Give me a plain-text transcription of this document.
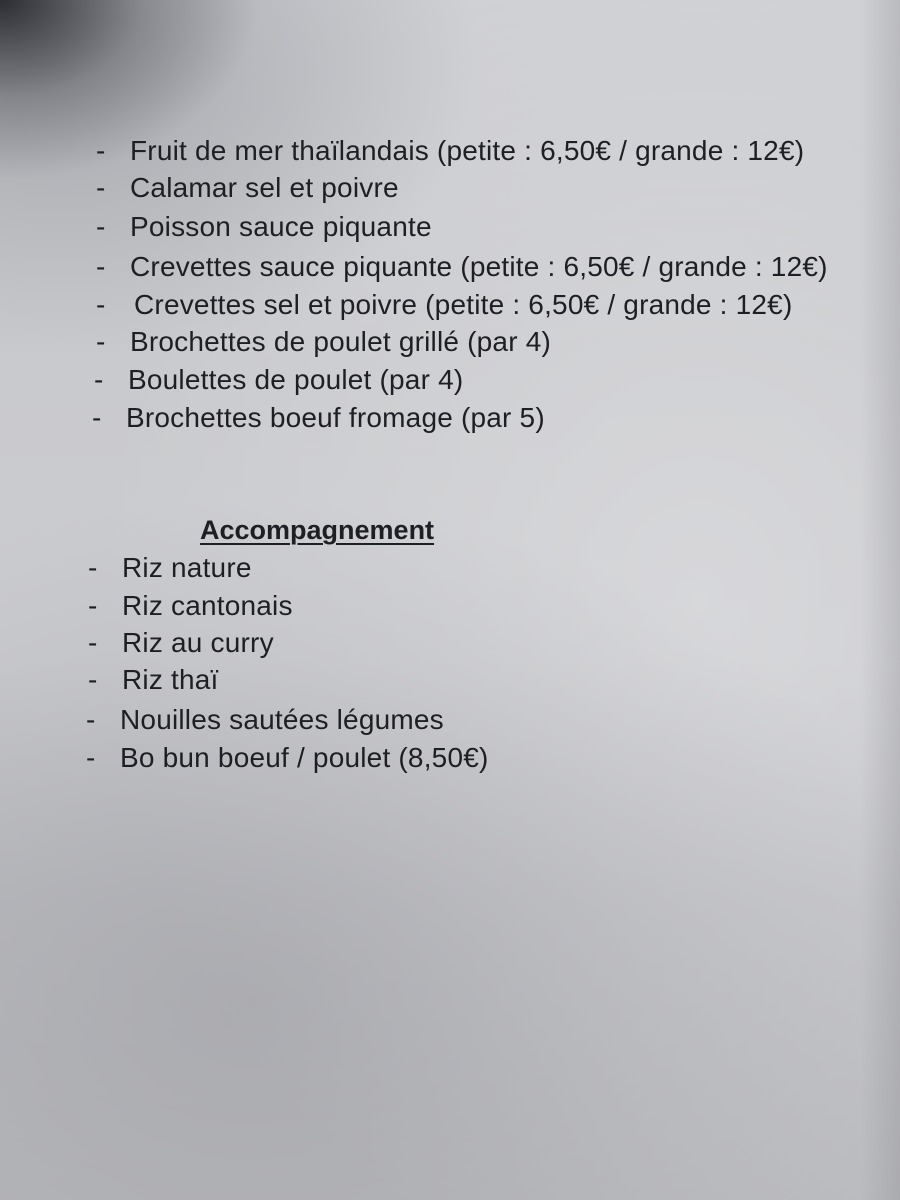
- Fruit de mer thaïlandais (petite : 6,50€ / grande : 12€)
- Calamar sel et poivre
- Poisson sauce piquante
- Crevettes sauce piquante (petite : 6,50€ / grande : 12€)
- Crevettes sel et poivre (petite : 6,50€ / grande : 12€)
- Brochettes de poulet grillé (par 4)
- Boulettes de poulet (par 4)
- Brochettes boeuf fromage (par 5)
Accompagnement
- Riz nature
- Riz cantonais
- Riz au curry
- Riz thaï
- Nouilles sautées légumes
- Bo bun boeuf / poulet (8,50€)
